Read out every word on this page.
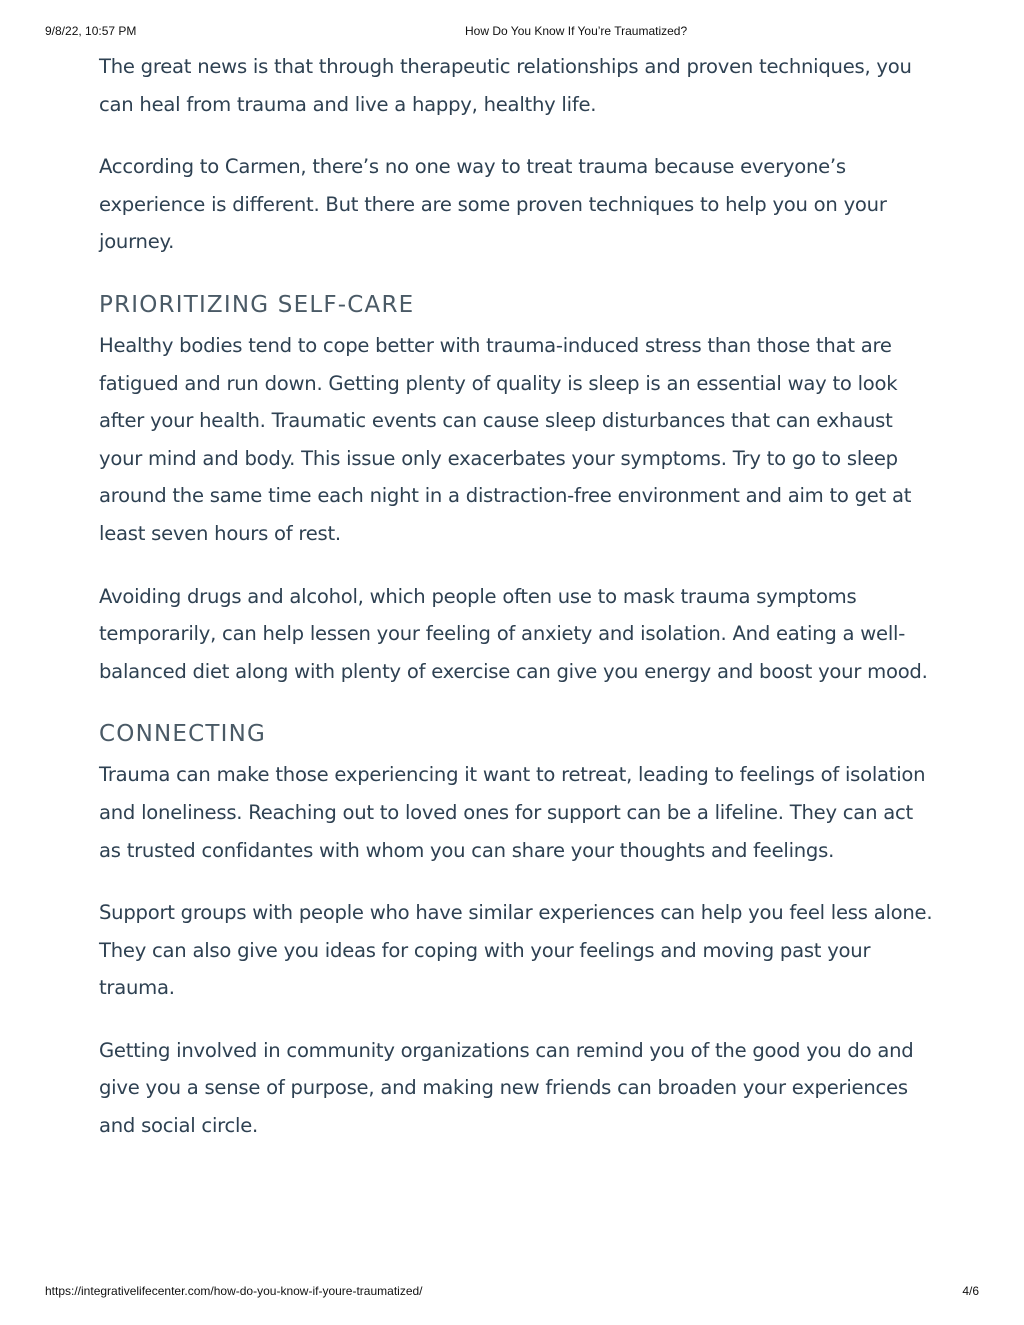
9/8/22, 10:57 PM	How Do You Know If You’re Traumatized?

The great news is that through therapeutic relationships and proven techniques, you can heal from trauma and live a happy, healthy life.

According to Carmen, there’s no one way to treat trauma because everyone’s experience is different. But there are some proven techniques to help you on your journey.

PRIORITIZING SELF-CARE

Healthy bodies tend to cope better with trauma-induced stress than those that are fatigued and run down. Getting plenty of quality is sleep is an essential way to look after your health. Traumatic events can cause sleep disturbances that can exhaust your mind and body. This issue only exacerbates your symptoms. Try to go to sleep around the same time each night in a distraction-free environment and aim to get at least seven hours of rest.

Avoiding drugs and alcohol, which people often use to mask trauma symptoms temporarily, can help lessen your feeling of anxiety and isolation. And eating a well-balanced diet along with plenty of exercise can give you energy and boost your mood.

CONNECTING

Trauma can make those experiencing it want to retreat, leading to feelings of isolation and loneliness. Reaching out to loved ones for support can be a lifeline. They can act as trusted confidantes with whom you can share your thoughts and feelings.

Support groups with people who have similar experiences can help you feel less alone. They can also give you ideas for coping with your feelings and moving past your trauma.

Getting involved in community organizations can remind you of the good you do and give you a sense of purpose, and making new friends can broaden your experiences and social circle.

https://integrativelifecenter.com/how-do-you-know-if-youre-traumatized/	4/6
